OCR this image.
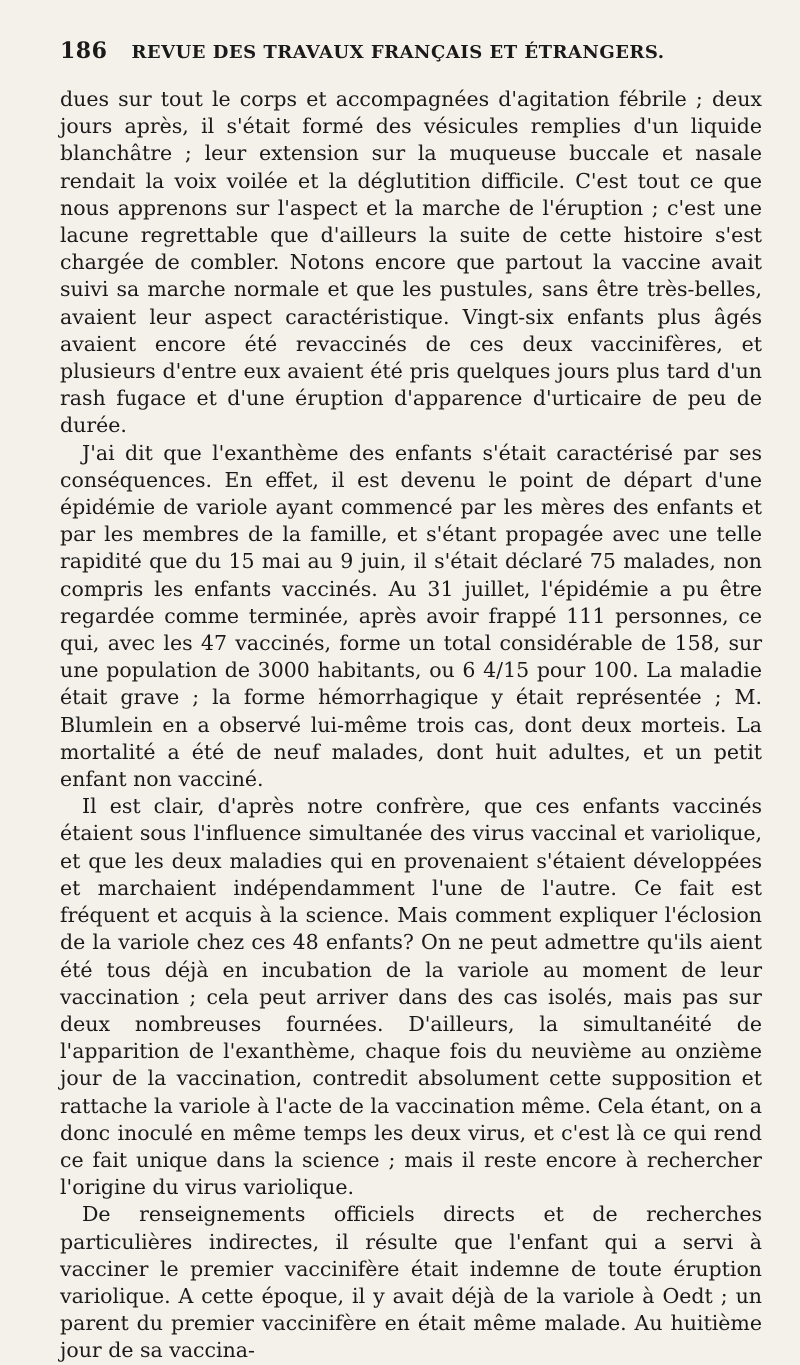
186 REVUE DES TRAVAUX FRANÇAIS ET ÉTRANGERS.

dues sur tout le corps et accompagnées d'agitation fébrile ; deux jours après, il s'était formé des vésicules remplies d'un liquide blanchâtre ; leur extension sur la muqueuse buccale et nasale rendait la voix voilée et la déglutition difficile. C'est tout ce que nous apprenons sur l'aspect et la marche de l'éruption ; c'est une lacune regrettable que d'ailleurs la suite de cette histoire s'est chargée de combler. Notons encore que partout la vaccine avait suivi sa marche normale et que les pustules, sans être très-belles, avaient leur aspect caractéristique. Vingt-six enfants plus âgés avaient encore été revaccinés de ces deux vaccinifères, et plusieurs d'entre eux avaient été pris quelques jours plus tard d'un rash fugace et d'une éruption d'apparence d'urticaire de peu de durée.

J'ai dit que l'exanthème des enfants s'était caractérisé par ses conséquences. En effet, il est devenu le point de départ d'une épidémie de variole ayant commencé par les mères des enfants et par les membres de la famille, et s'étant propagée avec une telle rapidité que du 15 mai au 9 juin, il s'était déclaré 75 malades, non compris les enfants vaccinés. Au 31 juillet, l'épidémie a pu être regardée comme terminée, après avoir frappé 111 personnes, ce qui, avec les 47 vaccinés, forme un total considérable de 158, sur une population de 3000 habitants, ou 6 4/15 pour 100. La maladie était grave ; la forme hémorrhagique y était représentée ; M. Blumlein en a observé lui-même trois cas, dont deux morteis. La mortalité a été de neuf malades, dont huit adultes, et un petit enfant non vacciné.

Il est clair, d'après notre confrère, que ces enfants vaccinés étaient sous l'influence simultanée des virus vaccinal et variolique, et que les deux maladies qui en provenaient s'étaient développées et marchaient indépendamment l'une de l'autre. Ce fait est fréquent et acquis à la science. Mais comment expliquer l'éclosion de la variole chez ces 48 enfants? On ne peut admettre qu'ils aient été tous déjà en incubation de la variole au moment de leur vaccination ; cela peut arriver dans des cas isolés, mais pas sur deux nombreuses fournées. D'ailleurs, la simultanéité de l'apparition de l'exanthème, chaque fois du neuvième au onzième jour de la vaccination, contredit absolument cette supposition et rattache la variole à l'acte de la vaccination même. Cela étant, on a donc inoculé en même temps les deux virus, et c'est là ce qui rend ce fait unique dans la science ; mais il reste encore à rechercher l'origine du virus variolique.

De renseignements officiels directs et de recherches particulières indirectes, il résulte que l'enfant qui a servi à vacciner le premier vaccinifère était indemne de toute éruption variolique. A cette époque, il y avait déjà de la variole à Oedt ; un parent du premier vaccinifère en était même malade. Au huitième jour de sa vaccina-
